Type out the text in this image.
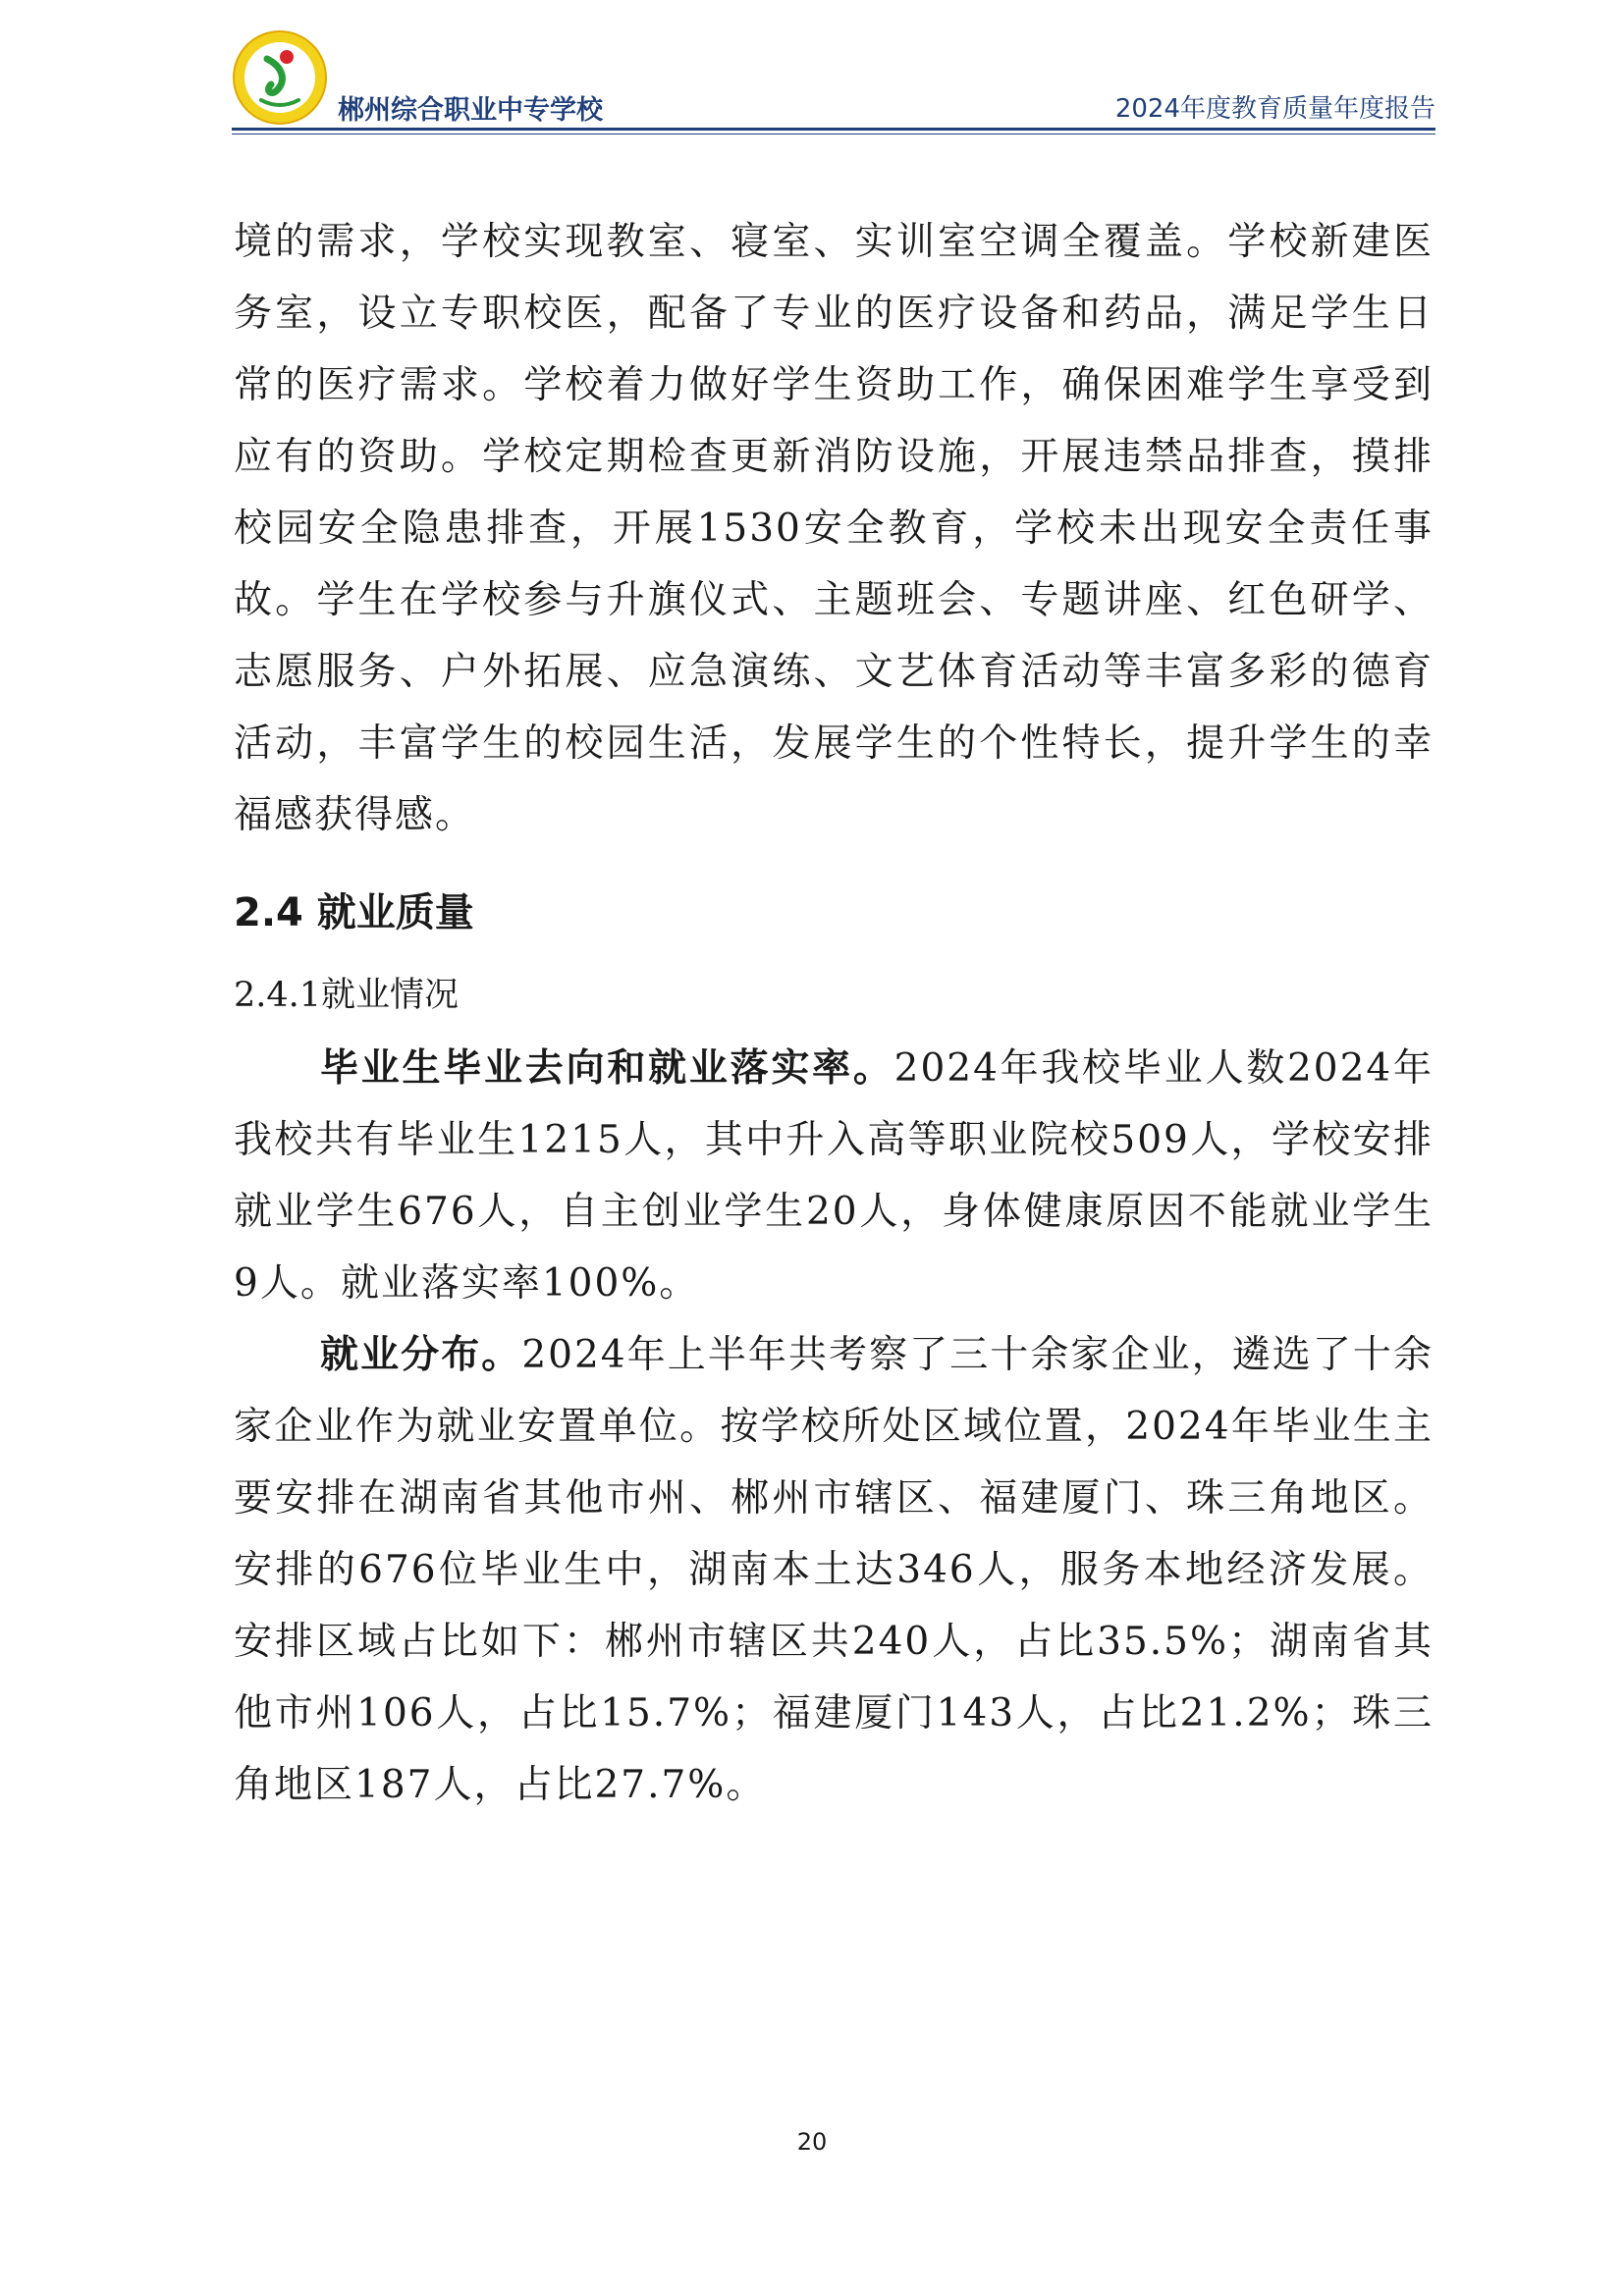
郴州综合职业中专学校	2024年度教育质量年度报告

境的需求，学校实现教室、寝室、实训室空调全覆盖。学校新建医务室，设立专职校医，配备了专业的医疗设备和药品，满足学生日常的医疗需求。学校着力做好学生资助工作，确保困难学生享受到应有的资助。学校定期检查更新消防设施，开展违禁品排查，摸排校园安全隐患排查，开展1530安全教育，学校未出现安全责任事故。学生在学校参与升旗仪式、主题班会、专题讲座、红色研学、志愿服务、户外拓展、应急演练、文艺体育活动等丰富多彩的德育活动，丰富学生的校园生活，发展学生的个性特长，提升学生的幸福感获得感。

2.4 就业质量
2.4.1就业情况

毕业生毕业去向和就业落实率。2024年我校毕业人数2024年我校共有毕业生1215人，其中升入高等职业院校509人，学校安排就业学生676人，自主创业学生20人，身体健康原因不能就业学生9人。就业落实率100%。

就业分布。2024年上半年共考察了三十余家企业，遴选了十余家企业作为就业安置单位。按学校所处区域位置，2024年毕业生主要安排在湖南省其他市州、郴州市辖区、福建厦门、珠三角地区。安排的676位毕业生中，湖南本土达346人，服务本地经济发展。安排区域占比如下：郴州市辖区共240人，占比35.5%；湖南省其他市州106人，占比15.7%；福建厦门143人，占比21.2%；珠三角地区187人，占比27.7%。

20
